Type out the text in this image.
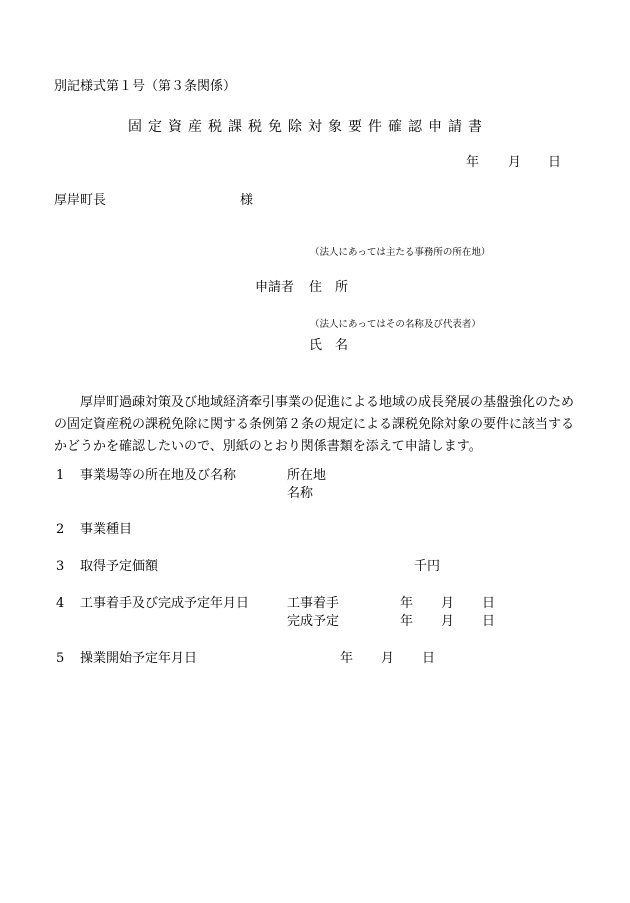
別記様式第１号（第３条関係）
固定資産税課税免除対象要件確認申請書
年 月 日
厚岸町長	様
（法人にあっては主たる事務所の所在地）
申請者 住　所
（法人にあってはその名称及び代表者）
氏　名
厚岸町過疎対策及び地域経済牽引事業の促進による地域の成長発展の基盤強化のための固定資産税の課税免除に関する条例第２条の規定による課税免除対象の要件に該当するかどうかを確認したいので、別紙のとおり関係書類を添えて申請します。
1 事業場等の所在地及び名称	所在地
名称
2 事業種目
3 取得予定価額	千円
4 工事着手及び完成予定年月日	工事着手	年 月 日
完成予定	年 月 日
5 操業開始予定年月日	年 月 日
